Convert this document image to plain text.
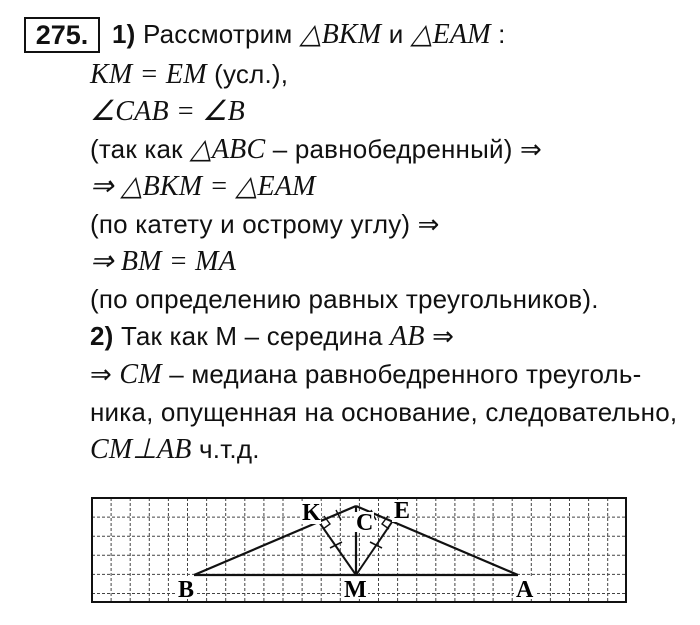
275. 1) Рассмотрим △BKM и △EAM :
KM = EM (усл.),
∠CAB = ∠B
(так как △ABC – равнобедренный) ⇒
⇒ △BKM = △EAM
(по катету и острому углу) ⇒
⇒ BM = MA
(по определению равных треугольников).
2) Так как M – середина AB ⇒
⇒ CM – медиана равнобедренного треуголь-
ника, опущенная на основание, следовательно,
CM⊥AB ч.т.д.
B
K C E
M	A
